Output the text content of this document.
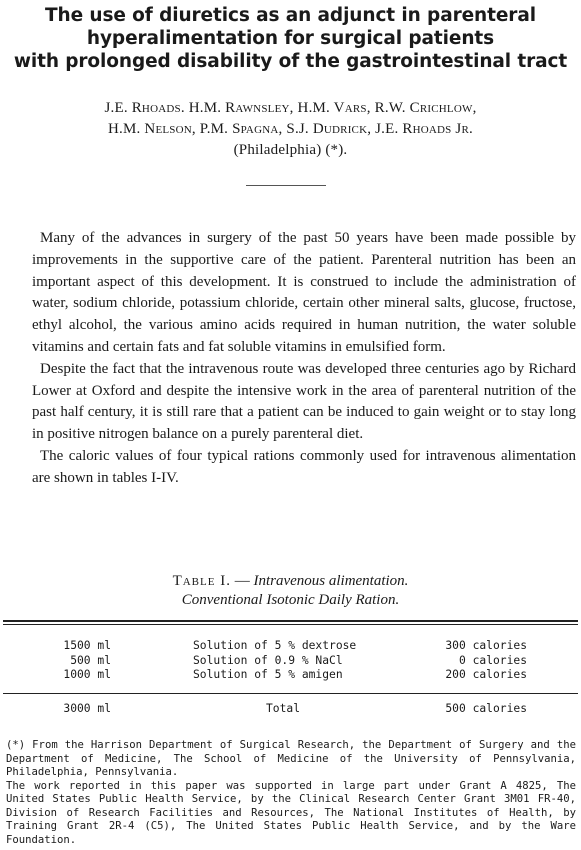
The use of diuretics as an adjunct in parenteral
hyperalimentation for surgical patients
with prolonged disability of the gastrointestinal tract
J.E. Rhoads. H.M. Rawnsley, H.M. Vars, R.W. Crichlow,
H.M. Nelson, P.M. Spagna, S.J. Dudrick, J.E. Rhoads Jr.
(Philadelphia) (*).

Many of the advances in surgery of the past 50 years have been made possible by improvements in the supportive care of the patient. Parenteral nutrition has been an important aspect of this development. It is construed to include the administration of water, sodium chloride, potassium chloride, certain other mineral salts, glucose, fructose, ethyl alcohol, the various amino acids required in human nutrition, the water soluble vitamins and certain fats and fat soluble vitamins in emulsified form.

Despite the fact that the intravenous route was developed three centuries ago by Richard Lower at Oxford and despite the intensive work in the area of parenteral nutrition of the past half century, it is still rare that a patient can be induced to gain weight or to stay long in positive nitrogen balance on a purely parenteral diet.

The caloric values of four typical rations commonly used for intravenous alimentation are shown in tables I-IV.

Table I. — Intravenous alimentation.
Conventional Isotonic Daily Ration.
1500 ml	Solution of 5 % dextrose	300 calories
500 ml	Solution of 0.9 % NaCl	0 calories
1000 ml	Solution of 5 % amigen	200 calories
3000 ml	Total	500 calories

(*) From the Harrison Department of Surgical Research, the Department of Surgery and the Department of Medicine, The School of Medicine of the University of Pennsylvania, Philadelphia, Pennsylvania.

The work reported in this paper was supported in large part under Grant A 4825, The United States Public Health Service, by the Clinical Research Center Grant 3M01 FR-40, Division of Research Facilities and Resources, The National Institutes of Health, by Training Grant 2R-4 (C5), The United States Public Health Service, and by the Ware Foundation.
